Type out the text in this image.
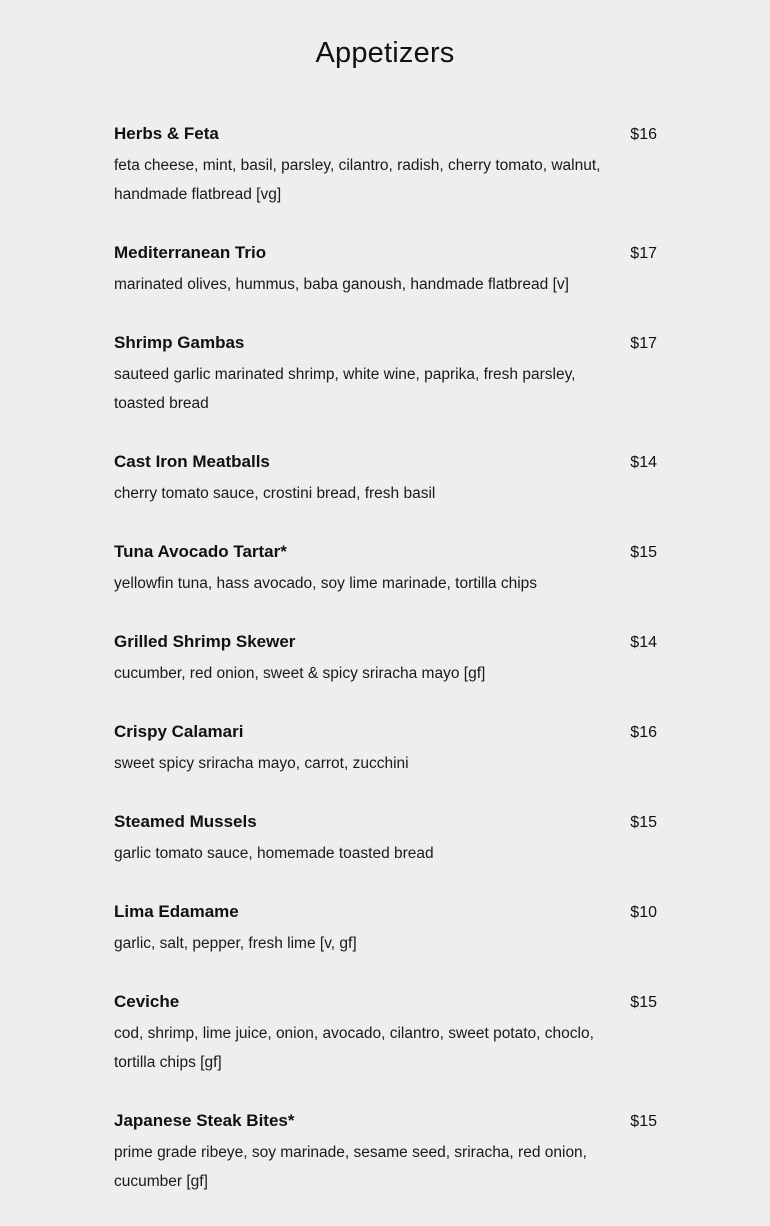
Appetizers
Herbs & Feta	$16
feta cheese, mint, basil, parsley, cilantro, radish, cherry tomato, walnut, handmade flatbread [vg]
Mediterranean Trio	$17
marinated olives, hummus, baba ganoush, handmade flatbread [v]
Shrimp Gambas	$17
sauteed garlic marinated shrimp, white wine, paprika, fresh parsley, toasted bread
Cast Iron Meatballs	$14
cherry tomato sauce, crostini bread, fresh basil
Tuna Avocado Tartar*	$15
yellowfin tuna, hass avocado, soy lime marinade, tortilla chips
Grilled Shrimp Skewer	$14
cucumber, red onion, sweet & spicy sriracha mayo [gf]
Crispy Calamari	$16
sweet spicy sriracha mayo, carrot, zucchini
Steamed Mussels	$15
garlic tomato sauce, homemade toasted bread
Lima Edamame	$10
garlic, salt, pepper, fresh lime [v, gf]
Ceviche	$15
cod, shrimp, lime juice, onion, avocado, cilantro, sweet potato, choclo, tortilla chips [gf]
Japanese Steak Bites*	$15
prime grade ribeye, soy marinade, sesame seed, sriracha, red onion, cucumber [gf]
